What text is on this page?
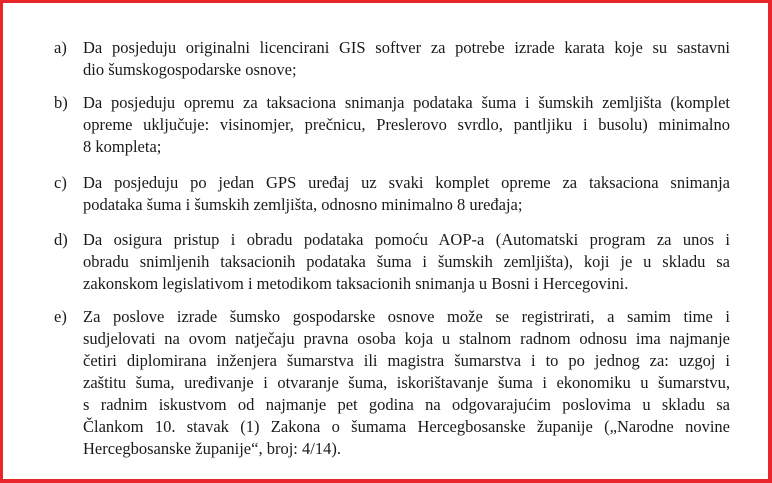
a) Da posjeduju originalni licencirani GIS softver za potrebe izrade karata koje su sastavni
dio šumskogospodarske osnove;
b) Da posjeduju opremu za taksaciona snimanja podataka šuma i šumskih zemljišta (komplet
opreme uključuje: visinomjer, prečnicu, Preslerovo svrdlo, pantljiku i busolu) minimalno
8 kompleta;
c) Da posjeduju po jedan GPS uređaj uz svaki komplet opreme za taksaciona snimanja
podataka šuma i šumskih zemljišta, odnosno minimalno 8 uređaja;
d) Da osigura pristup i obradu podataka pomoću AOP-a (Automatski program za unos i
obradu snimljenih taksacionih podataka šuma i šumskih zemljišta), koji je u skladu sa
zakonskom legislativom i metodikom taksacionih snimanja u Bosni i Hercegovini.
e) Za poslove izrade šumsko gospodarske osnove može se registrirati, a samim time i
sudjelovati na ovom natječaju pravna osoba koja u stalnom radnom odnosu ima najmanje
četiri diplomirana inženjera šumarstva ili magistra šumarstva i to po jednog za: uzgoj i
zaštitu šuma, uređivanje i otvaranje šuma, iskorištavanje šuma i ekonomiku u šumarstvu,
s radnim iskustvom od najmanje pet godina na odgovarajućim poslovima u skladu sa
Člankom 10. stavak (1) Zakona o šumama Hercegbosanske županije („Narodne novine
Hercegbosanske županije“, broj: 4/14).
